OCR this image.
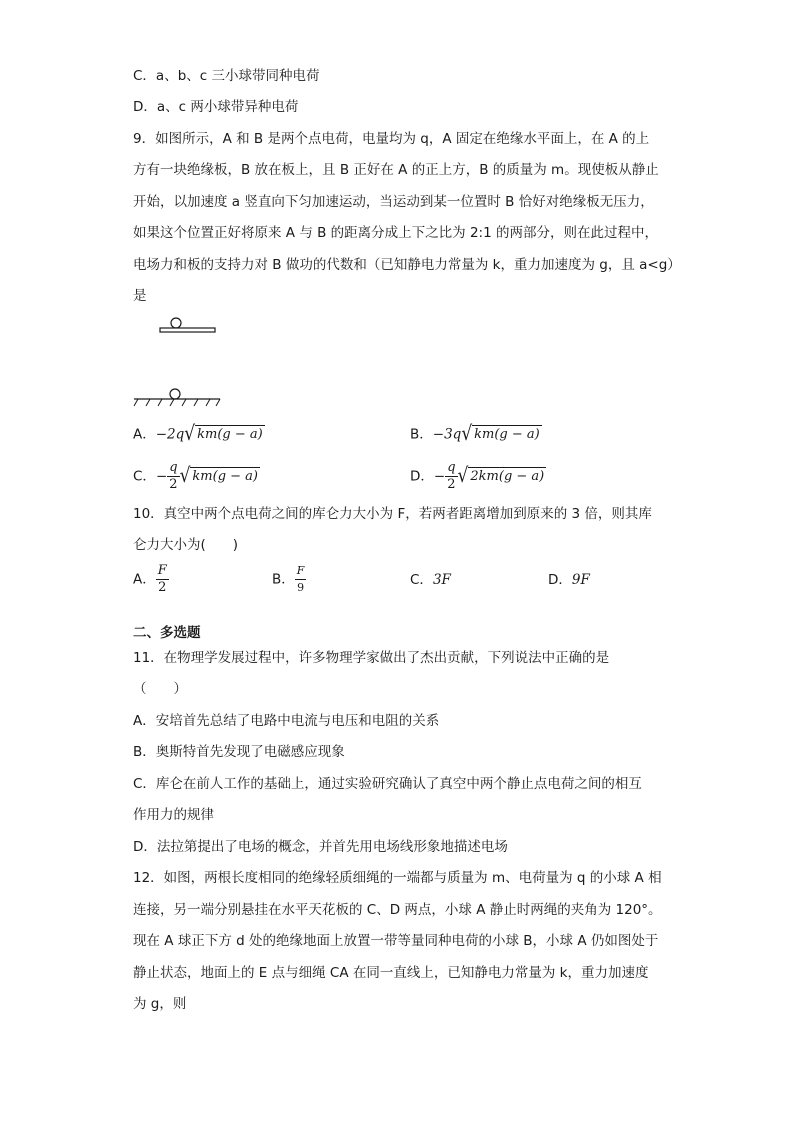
C．a、b、c 三小球带同种电荷
D．a、c 两小球带异种电荷
9．如图所示，A 和 B 是两个点电荷，电量均为 q，A 固定在绝缘水平面上，在 A 的上
方有一块绝缘板，B 放在板上，且 B 正好在 A 的正上方，B 的质量为 m。现使板从静止
开始，以加速度 a 竖直向下匀加速运动，当运动到某一位置时 B 恰好对绝缘板无压力，
如果这个位置正好将原来 A 与 B 的距离分成上下之比为 2:1 的两部分，则在此过程中，
电场力和板的支持力对 B 做功的代数和（已知静电力常量为 k，重力加速度为 g，且 a<g）
是
A．−2q√ km(g − a)	B．−3q√ km(g − a)
C．− $\frac{q}{2}$ √ km(g − a)	D．− $\frac{q}{2}$ √ 2km(g − a)
10．真空中两个点电荷之间的库仑力大小为 F，若两者距离增加到原来的 3 倍，则其库
仑力大小为(　　)
A． $\frac{F}{2}$	B． $\frac{F}{9}$	C．3F	D．9F
二、多选题
11．在物理学发展过程中，许多物理学家做出了杰出贡献，下列说法中正确的是
（　　）
A．安培首先总结了电路中电流与电压和电阻的关系
B．奥斯特首先发现了电磁感应现象
C．库仑在前人工作的基础上，通过实验研究确认了真空中两个静止点电荷之间的相互
作用力的规律
D．法拉第提出了电场的概念，并首先用电场线形象地描述电场
12．如图，两根长度相同的绝缘轻质细绳的一端都与质量为 m、电荷量为 q 的小球 A 相
连接，另一端分别悬挂在水平天花板的 C、D 两点，小球 A 静止时两绳的夹角为 120°。
现在 A 球正下方 d 处的绝缘地面上放置一带等量同种电荷的小球 B，小球 A 仍如图处于
静止状态，地面上的 E 点与细绳 CA 在同一直线上，已知静电力常量为 k，重力加速度
为 g，则
